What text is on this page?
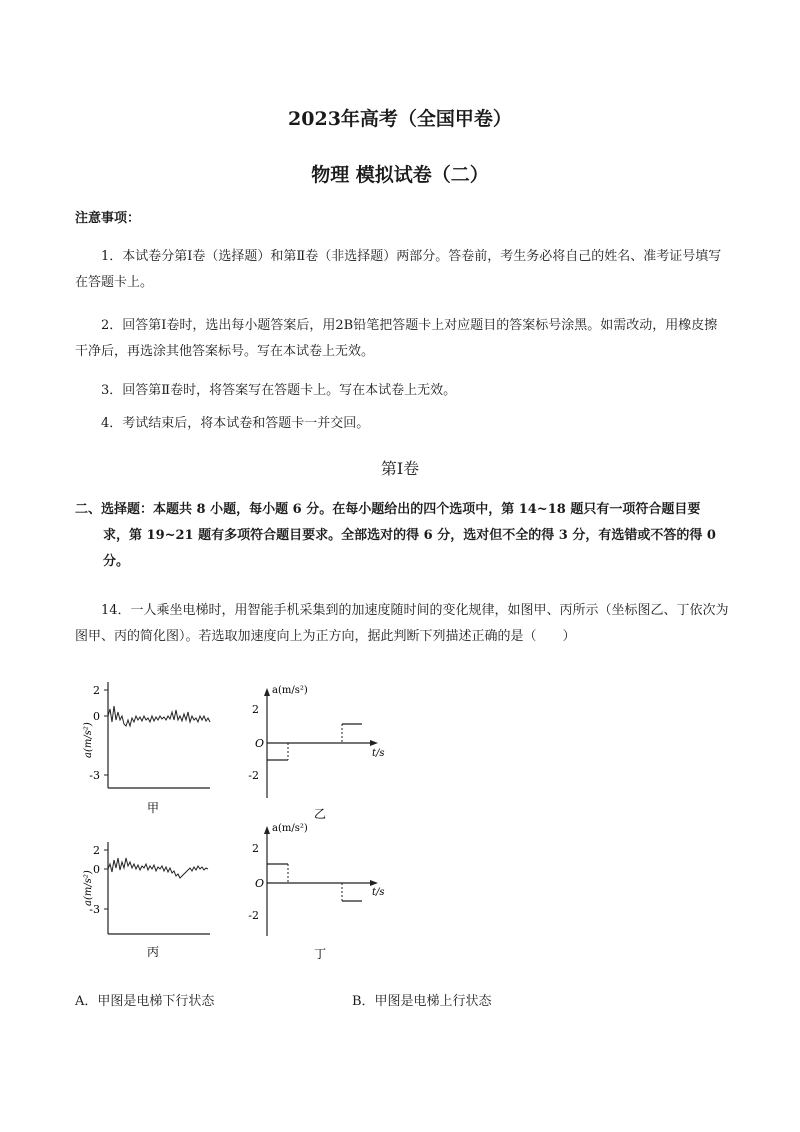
2023年高考（全国甲卷）
物理 模拟试卷（二）
注意事项：
1．本试卷分第Ⅰ卷（选择题）和第Ⅱ卷（非选择题）两部分。答卷前，考生务必将自己的姓名、准考证号填写在答题卡上。
2．回答第Ⅰ卷时，选出每小题答案后，用2B铅笔把答题卡上对应题目的答案标号涂黑。如需改动，用橡皮擦干净后，再选涂其他答案标号。写在本试卷上无效。
3．回答第Ⅱ卷时，将答案写在答题卡上。写在本试卷上无效。
4．考试结束后，将本试卷和答题卡一并交回。
第Ⅰ卷
二、选择题：本题共 8 小题，每小题 6 分。在每小题给出的四个选项中，第 14~18 题只有一项符合题目要
求，第 19~21 题有多项符合题目要求。全部选对的得 6 分，选对但不全的得 3 分，有选错或不答的得 0 分。
14．一人乘坐电梯时，用智能手机采集到的加速度随时间的变化规律，如图甲、丙所示（坐标图乙、丁依次为图甲、丙的简化图）。若选取加速度向上为正方向，据此判断下列描述正确的是（　　）
2
0
-3
a(m/s²)
甲
a(m/s²)
t/s
O
2
-2
乙
2
0
-3
a(m/s²)
丙
a(m/s²)
t/s
O
2
-2
丁
A．甲图是电梯下行状态	B．甲图是电梯上行状态
